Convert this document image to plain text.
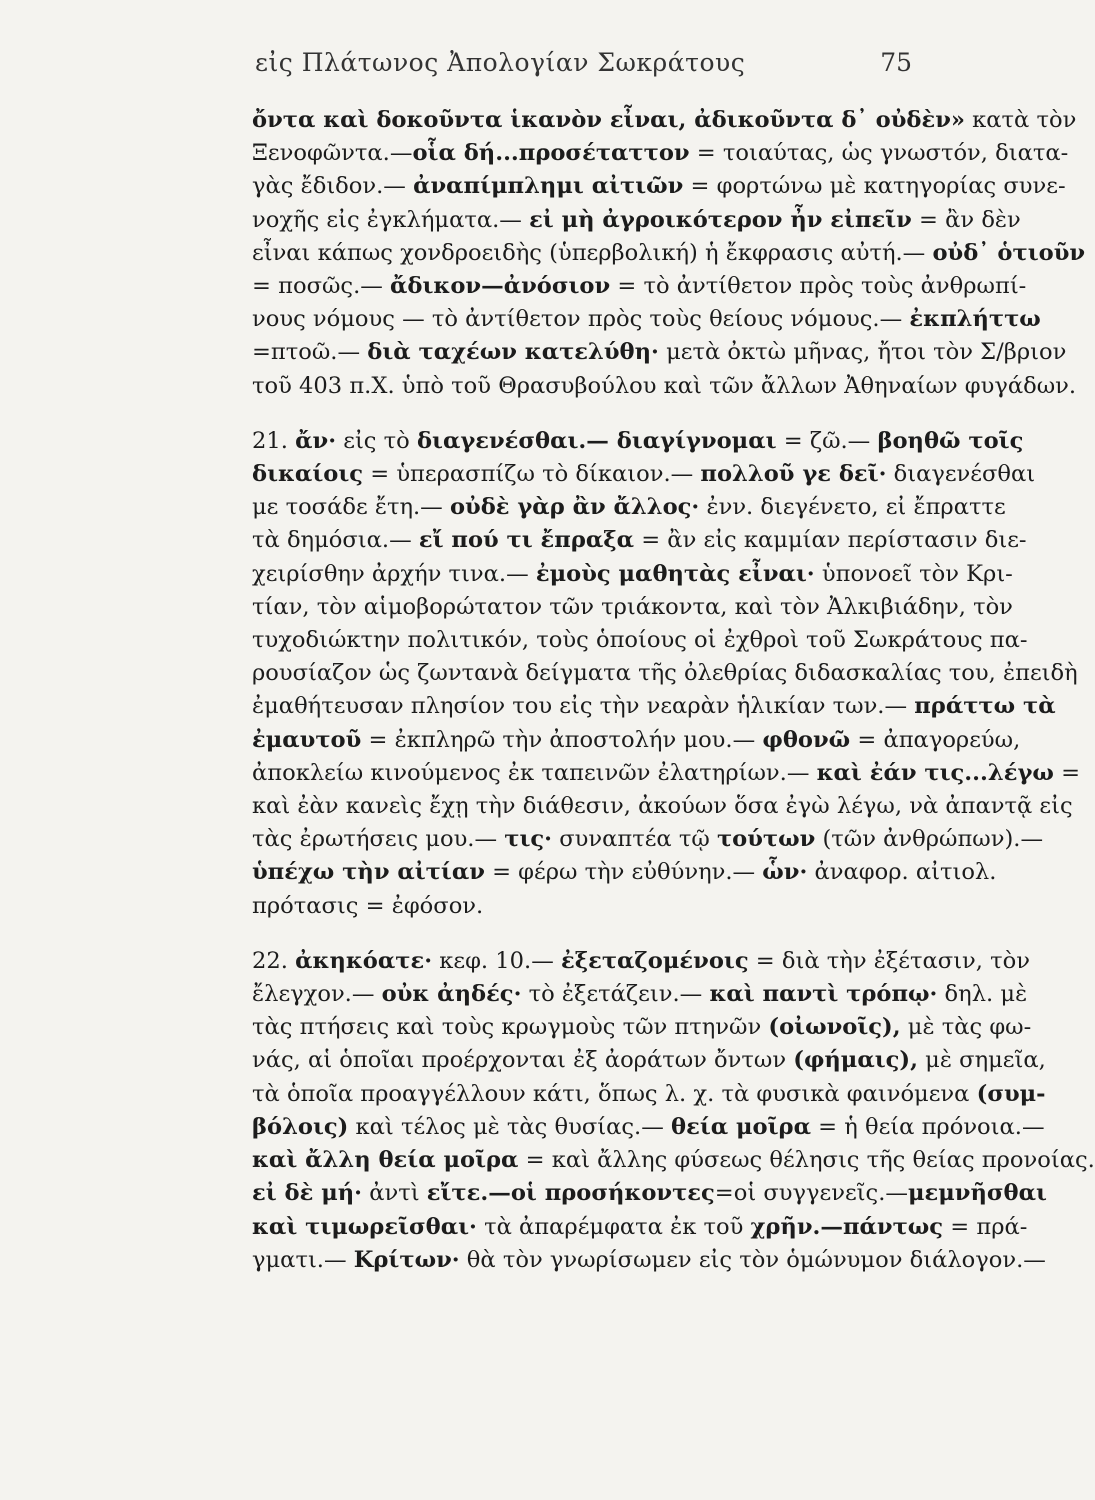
εἰς Πλάτωνος Ἀπολογίαν Σωκράτους	75
ὄντα καὶ δοκοῦντα ἱκανὸν εἶναι, ἀδικοῦντα δ᾽ οὐδὲν» κατὰ τὸν
Ξενοφῶντα.—οἷα δή...προσέταττον = τοιαύτας, ὡς γνωστόν, διατα-
γὰς ἔδιδον.— ἀναπίμπλημι αἰτιῶν = φορτώνω μὲ κατηγορίας συνε-
νοχῆς εἰς ἐγκλήματα.— εἰ μὴ ἀγροικότερον ἦν εἰπεῖν = ἂν δὲν
εἶναι κάπως χονδροειδὴς (ὑπερβολική) ἡ ἔκφρασις αὐτή.— οὐδ᾽ ὁτιοῦν
= ποσῶς.— ἄδικον—ἀνόσιον = τὸ ἀντίθετον πρὸς τοὺς ἀνθρωπί-
νους νόμους — τὸ ἀντίθετον πρὸς τοὺς θείους νόμους.— ἐκπλήττω
=πτοῶ.— διὰ ταχέων κατελύθη· μετὰ ὀκτὼ μῆνας, ἤτοι τὸν Σ/βριον
τοῦ 403 π.Χ. ὑπὸ τοῦ Θρασυβούλου καὶ τῶν ἄλλων Ἀθηναίων φυγάδων.
21. ἄν· εἰς τὸ διαγενέσθαι.— διαγίγνομαι = ζῶ.— βοηθῶ τοῖς
δικαίοις = ὑπερασπίζω τὸ δίκαιον.— πολλοῦ γε δεῖ· διαγενέσθαι
με τοσάδε ἔτη.— οὐδὲ γὰρ ἂν ἄλλος· ἐνν. διεγένετο, εἰ ἔπραττε
τὰ δημόσια.— εἴ πού τι ἔπραξα = ἂν εἰς καμμίαν περίστασιν διε-
χειρίσθην ἀρχήν τινα.— ἐμοὺς μαθητὰς εἶναι· ὑπονοεῖ τὸν Κρι-
τίαν, τὸν αἱμοβορώτατον τῶν τριάκοντα, καὶ τὸν Ἀλκιβιάδην, τὸν
τυχοδιώκτην πολιτικόν, τοὺς ὁποίους οἱ ἐχθροὶ τοῦ Σωκράτους πα-
ρουσίαζον ὡς ζωντανὰ δείγματα τῆς ὀλεθρίας διδασκαλίας του, ἐπειδὴ
ἐμαθήτευσαν πλησίον του εἰς τὴν νεαρὰν ἡλικίαν των.— πράττω τὰ
ἐμαυτοῦ = ἐκπληρῶ τὴν ἀποστολήν μου.— φθονῶ = ἀπαγορεύω,
ἀποκλείω κινούμενος ἐκ ταπεινῶν ἐλατηρίων.— καὶ ἐάν τις...λέγω =
καὶ ἐὰν κανεὶς ἔχῃ τὴν διάθεσιν, ἀκούων ὅσα ἐγὼ λέγω, νὰ ἀπαντᾷ εἰς
τὰς ἐρωτήσεις μου.— τις· συναπτέα τῷ τούτων (τῶν ἀνθρώπων).—
ὑπέχω τὴν αἰτίαν = φέρω τὴν εὐθύνην.— ὧν· ἀναφορ. αἰτιολ.
πρότασις = ἐφόσον.
22. ἀκηκόατε· κεφ. 10.— ἐξεταζομένοις = διὰ τὴν ἐξέτασιν, τὸν
ἔλεγχον.— οὐκ ἀηδές· τὸ ἐξετάζειν.— καὶ παντὶ τρόπῳ· δηλ. μὲ
τὰς πτήσεις καὶ τοὺς κρωγμοὺς τῶν πτηνῶν (οἰωνοῖς), μὲ τὰς φω-
νάς, αἱ ὁποῖαι προέρχονται ἐξ ἀοράτων ὄντων (φήμαις), μὲ σημεῖα,
τὰ ὁποῖα προαγγέλλουν κάτι, ὅπως λ. χ. τὰ φυσικὰ φαινόμενα (συμ-
βόλοις) καὶ τέλος μὲ τὰς θυσίας.— θεία μοῖρα = ἡ θεία πρόνοια.—
καὶ ἄλλη θεία μοῖρα = καὶ ἄλλης φύσεως θέλησις τῆς θείας προνοίας.
εἰ δὲ μή· ἀντὶ εἴτε.—οἱ προσήκοντες=οἱ συγγενεῖς.—μεμνῆσθαι
καὶ τιμωρεῖσθαι· τὰ ἀπαρέμφατα ἐκ τοῦ χρῆν.—πάντως = πρά-
γματι.— Κρίτων· θὰ τὸν γνωρίσωμεν εἰς τὸν ὁμώνυμον διάλογον.—
